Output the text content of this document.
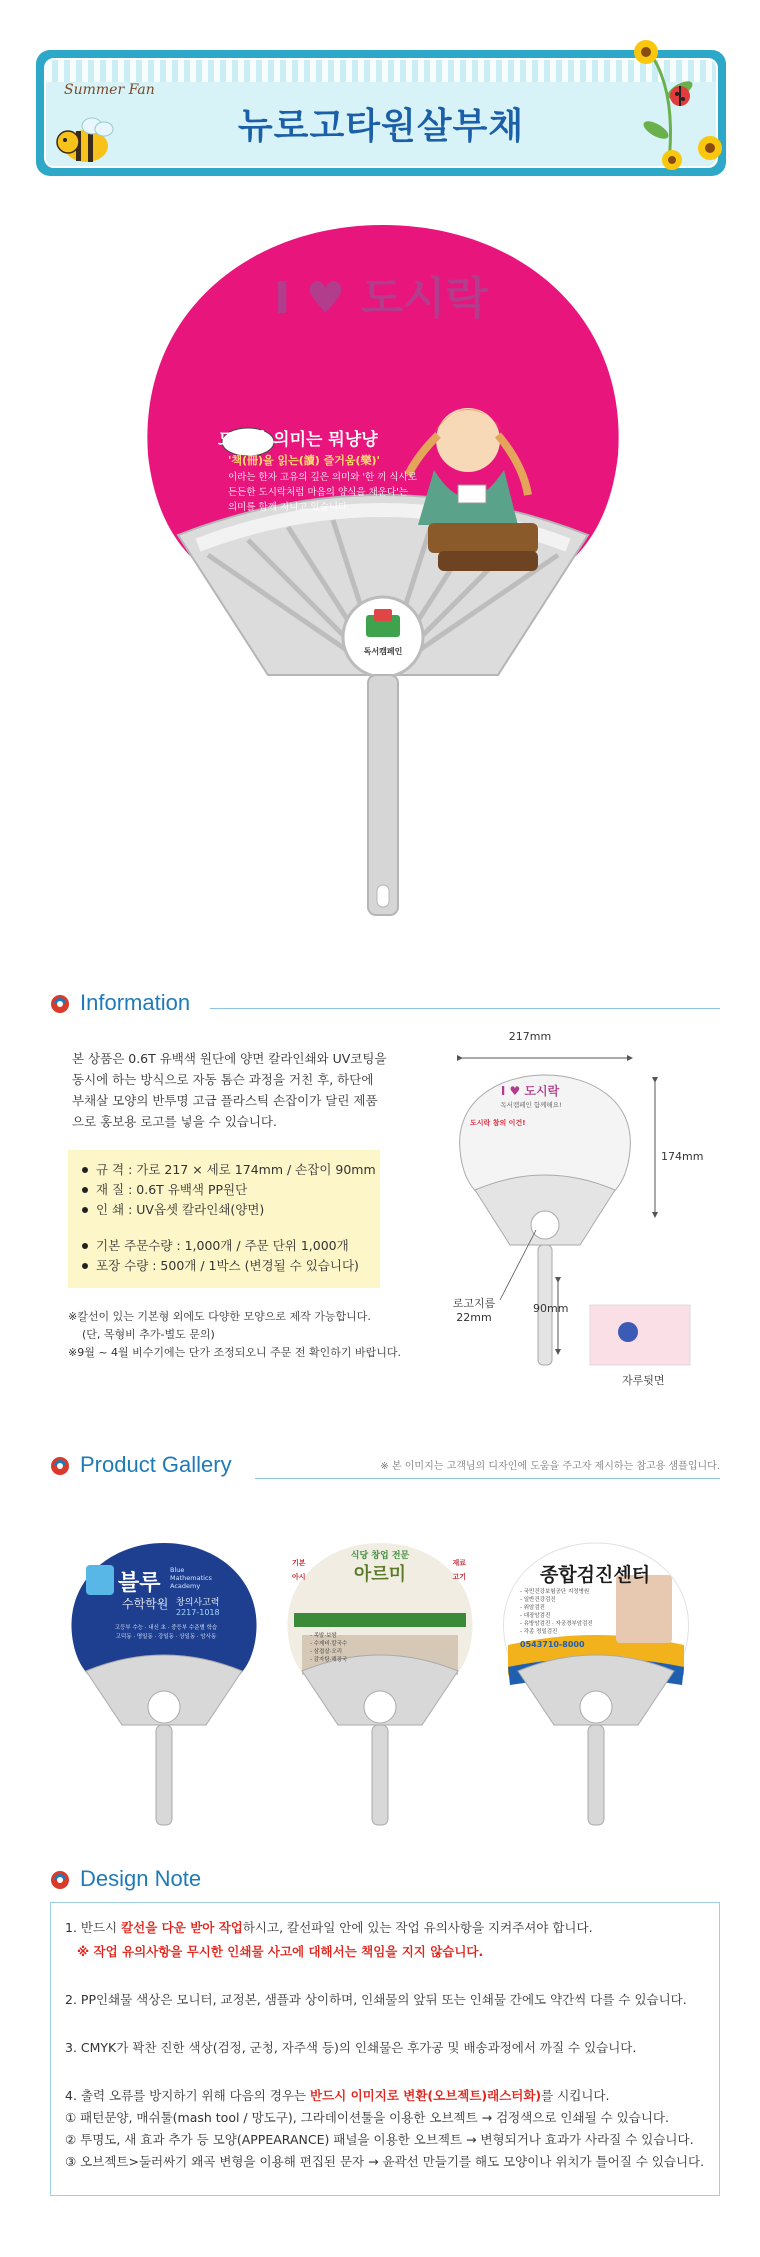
Summer Fan
뉴로고타원살부채
I ♥ 도시락
도시락 의미는 뭐냥냥
'책(冊)을 읽는(讀) 즐거움(樂)'
이라는 한자 고유의 깊은 의미와 '한 끼 식사로
든든한 도시락처럼 마음의 양식을 채운다'는
의미를 함께 지니고 있습니다.
독서캠페인
Information
본 상품은 0.6T 유백색 원단에 양면 칼라인쇄와 UV코팅을
동시에 하는 방식으로 자동 톰슨 과정을 거친 후, 하단에
부채살 모양의 반투명 고급 플라스틱 손잡이가 달린 제품
으로 홍보용 로고를 넣을 수 있습니다.
규 격 : 가로 217 × 세로 174mm / 손잡이 90mm
재 질 : 0.6T 유백색 PP원단
인 쇄 : UV옵셋 칼라인쇄(양면)
기본 주문수량 : 1,000개 / 주문 단위 1,000개
포장 수량 : 500개 / 1박스 (변경될 수 있습니다)
※칼선이 있는 기본형 외에도 다양한 모양으로 제작 가능합니다.
(단, 목형비 추가-별도 문의)
※9월 ~ 4월 비수기에는 단가 조정되오니 주문 전 확인하기 바랍니다.
217mm
174mm
90mm
로고지름
22mm
자루뒷면
I ♥ 도시락
독서캠페인 함께해요!
도시락 참의 이건!
Product Gallery	※ 본 이미지는 고객님의 디자인에 도움을 주고자 제시하는 참고용 샘플입니다.
블루
Blue Mathematics Academy
수학학원 창의사고력
2217-1018
고등부 수능 · 내신 초 · 중등부 수준별 학습
고덕동 · 명일동 · 강일동 · 상일동 · 암사동
식당 창업 전문
아르미
기본
아시
재료
고기
- 족발·보쌈
- 수제비·칼국수
- 삼겹살·오리
- 감자탕·해장국
종합검진센터
- 국민건강보험공단 지정병원
- 일반건강검진
- 위암검진
- 대장암검진
- 유방암검진 · 자궁경부암검진
- 각종 정밀검진
0543710-8000
Design Note

1. 반드시 칼선을 다운 받아 작업하시고, 칼선파일 안에 있는 작업 유의사항을 지켜주셔야 합니다.

※ 작업 유의사항을 무시한 인쇄물 사고에 대해서는 책임을 지지 않습니다.

2. PP인쇄물 색상은 모니터, 교정본, 샘플과 상이하며, 인쇄물의 앞뒤 또는 인쇄물 간에도 약간씩 다를 수 있습니다.

3. CMYK가 꽉찬 진한 색상(검정, 군청, 자주색 등)의 인쇄물은 후가공 및 배송과정에서 까질 수 있습니다.

4. 출력 오류를 방지하기 위해 다음의 경우는 반드시 이미지로 변환(오브젝트)래스터화)를 시킵니다.

① 패턴문양, 매쉬툴(mash tool / 망도구), 그라데이션툴을 이용한 오브젝트 → 검정색으로 인쇄될 수 있습니다.

② 투명도, 새 효과 추가 등 모양(APPEARANCE) 패널을 이용한 오브젝트 → 변형되거나 효과가 사라질 수 있습니다.

③ 오브젝트>둘러싸기 왜곡 변형을 이용해 편집된 문자 → 윤곽선 만들기를 해도 모양이나 위치가 틀어질 수 있습니다.
